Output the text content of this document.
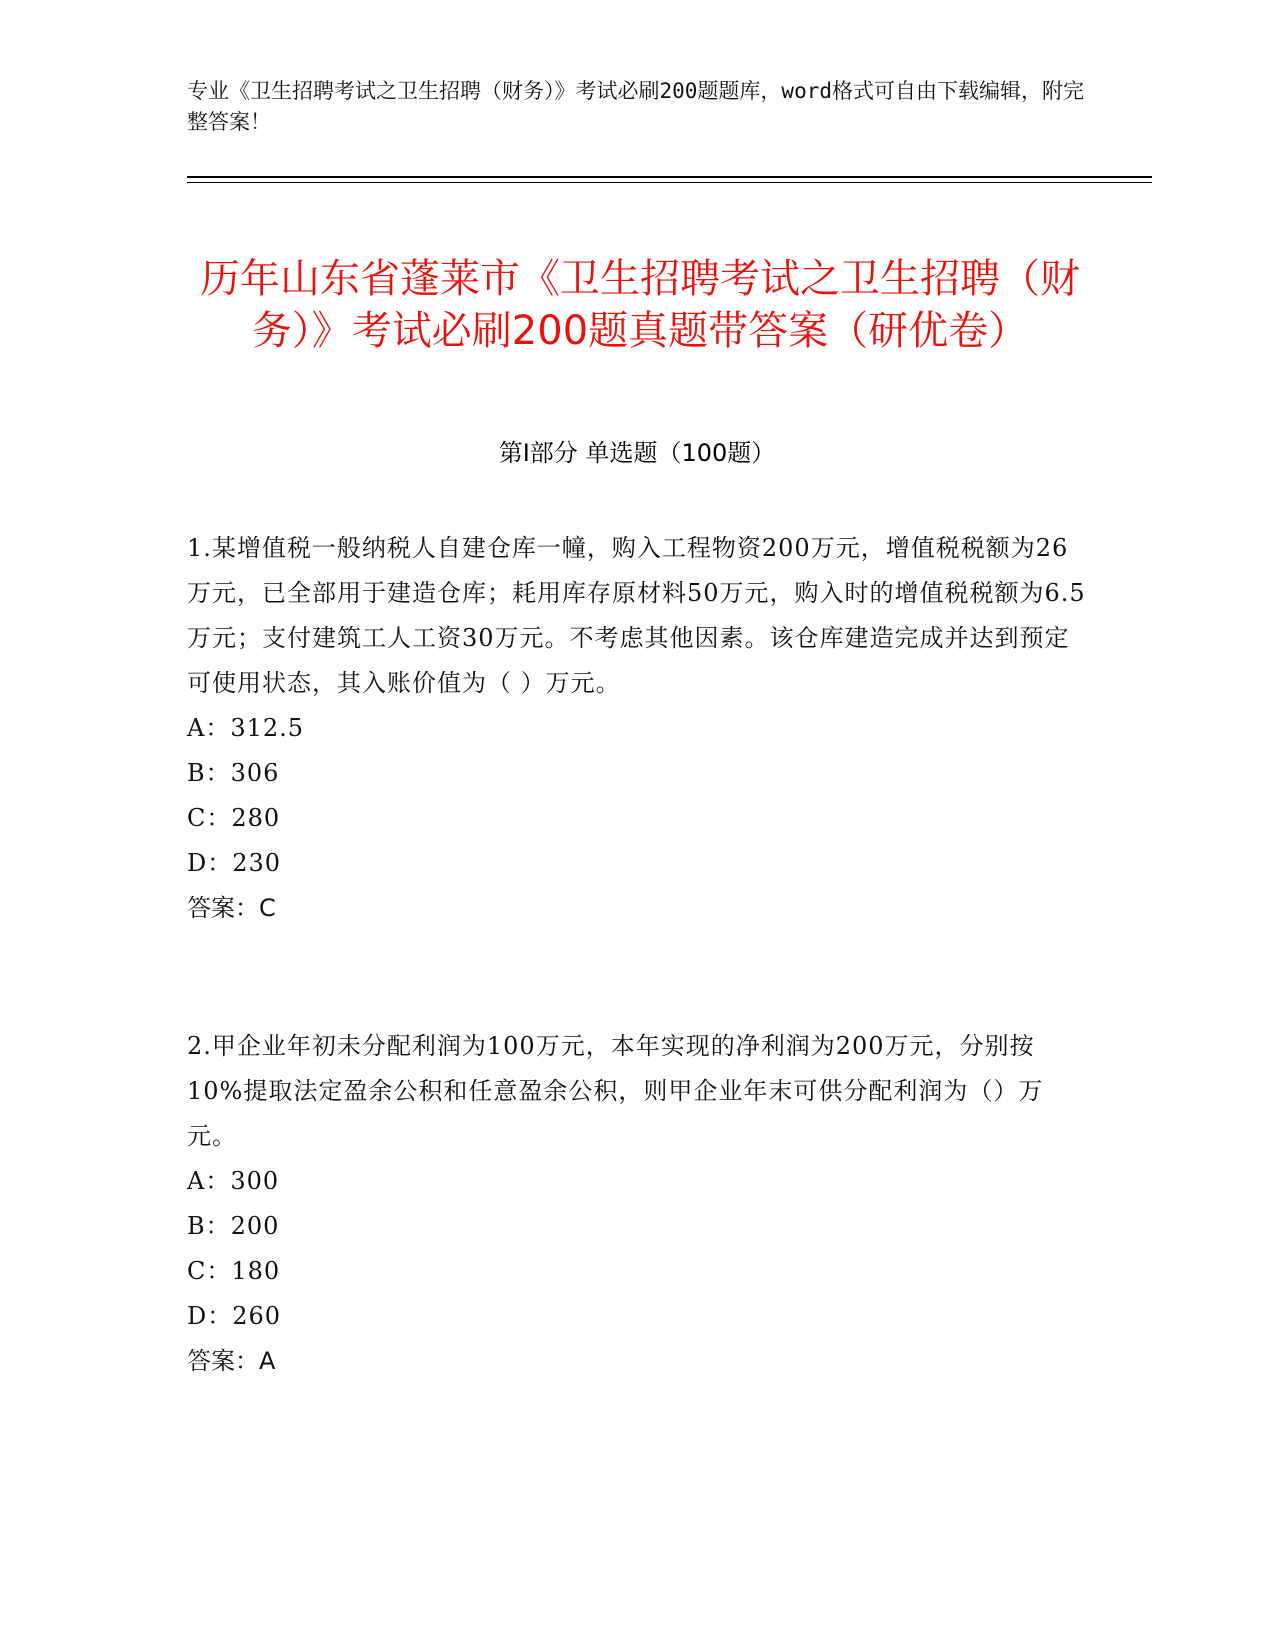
专业《卫生招聘考试之卫生招聘（财务）》考试必刷200题题库，word格式可自由下载编辑，附完整答案！
历年山东省蓬莱市《卫生招聘考试之卫生招聘（财务）》考试必刷200题真题带答案（研优卷）
第I部分 单选题（100题）
1.某增值税一般纳税人自建仓库一幢，购入工程物资200万元，增值税税额为26万元，已全部用于建造仓库；耗用库存原材料50万元，购入时的增值税税额为6.5万元；支付建筑工人工资30万元。不考虑其他因素。该仓库建造完成并达到预定可使用状态，其入账价值为（ ）万元。
A：312.5
B：306
C：280
D：230
答案：C
2.甲企业年初未分配利润为100万元，本年实现的净利润为200万元，分别按10%提取法定盈余公积和任意盈余公积，则甲企业年末可供分配利润为（）万元。
A：300
B：200
C：180
D：260
答案：A
